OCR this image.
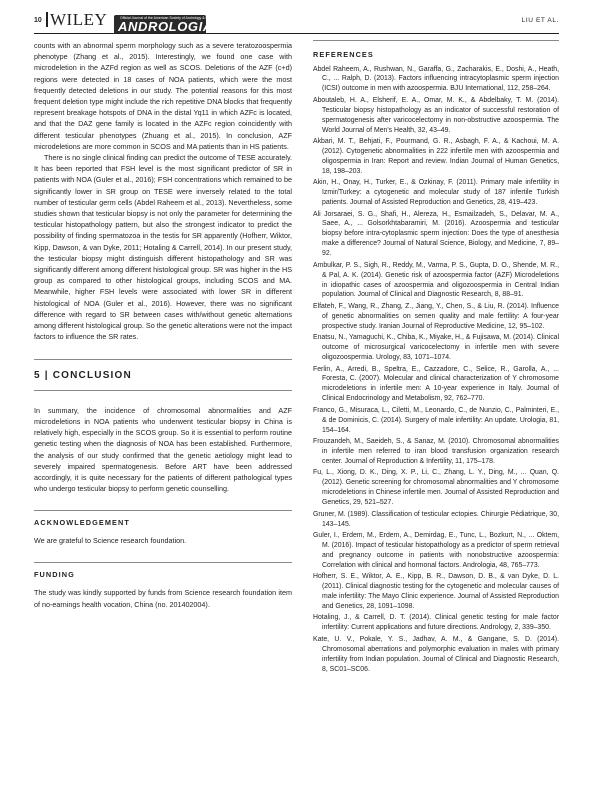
10 WILEY	Official Journal of the American Society of Andrology & European Academy of Andrology
ANDROLOGIA	LIU ET AL.

counts with an abnormal sperm morphology such as a severe teratozoospermia phenotype (Zhang et al., 2015). Interestingly, we found one case with microdeletion in the AZFd region as well as SCOS. Deletions of the AZF (c+d) regions were detected in 18 cases of NOA patients, which were the most frequently detected deletions in our study. The potential reasons for this most frequent deletion type might include the rich repetitive DNA blocks that frequently represent breakage hotspots of DNA in the distal Yq11 in which AZFc is located, and that the DAZ gene family is located in the AZFc region coincidently with different testicular phenotypes (Zhuang et al., 2015). In conclusion, AZF microdeletions are more common in SCOS and MA patients than in HS patients.

There is no single clinical finding can predict the outcome of TESE accurately. It has been reported that FSH level is the most significant predictor of SR in patients with NOA (Guler et al., 2016); FSH concentrations which remained to be significantly lower in SR group on TESE were inversely related to the total number of testicular germ cells (Abdel Raheem et al., 2013). Nevertheless, some studies shown that testicular biopsy is not only the parameter for determining the testicular histopathology pattern, but also the strongest indicator to predict the possibility of finding spermatozoa in the testis for SR apparently (Hofherr, Wiktor, Kipp, Dawson, & van Dyke, 2011; Hotaling & Carrell, 2014). In our present study, the testicular biopsy might distinguish different histopathology and SR was significantly different among different histological group. SR was higher in the HS group as compared to other histological groups, including SCOS and MA. Meanwhile, higher FSH levels were associated with lower SR in different histological of NOA (Guler et al., 2016). However, there was no significant difference with regard to SR between cases with/without genetic alternations among different histological group. So the genetic alterations were not the impact factors to influence the SR rates.

5 | CONCLUSION

In summary, the incidence of chromosomal abnormalities and AZF microdeletions in NOA patients who underwent testicular biopsy in China is relatively high, especially in the SCOS group. So it is essential to perform routine genetic testing when the diagnosis of NOA has been established. Furthermore, the analysis of our study confirmed that the genetic aetiology might lead to severely impaired spermatogenesis. Before ART have been addressed accordingly, it is quite necessary for the patients of different pathological types who undergo testicular biopsy to perform genetic counselling.

ACKNOWLEDGEMENT

We are grateful to Science research foundation.

FUNDING

The study was kindly supported by funds from Science research foundation item of no-earnings health vocation, China (no. 201402004).

REFERENCES
Abdel Raheem, A., Rushwan, N., Garaffa, G., Zacharakis, E., Doshi, A., Heath, C., ... Ralph, D. (2013). Factors influencing intracytoplasmic sperm injection (ICSI) outcome in men with azoospermia. BJU International, 112, 258–264.
Aboutaleb, H. A., Elsherif, E. A., Omar, M. K., & Abdelbaky, T. M. (2014). Testicular biopsy histopathology as an indicator of successful restoration of spermatogenesis after varicocelectomy in non-obstructive azoospermia. The World Journal of Men's Health, 32, 43–49.
Akbari, M. T., Behjati, F., Pourmand, G. R., Asbagh, F. A., & Kachoui, M. A. (2012). Cytogenetic abnormalities in 222 infertile men with azoospermia and oligospermia in Iran: Report and review. Indian Journal of Human Genetics, 18, 198–203.
Akin, H., Onay, H., Turker, E., & Ozkinay, F. (2011). Primary male infertility in Izmir/Turkey: a cytogenetic and molecular study of 187 infertile Turkish patients. Journal of Assisted Reproduction and Genetics, 28, 419–423.
Ali Jorsaraei, S. G., Shafi, H., Alereza, H., Esmailzadeh, S., Delavar, M. A., Saee, A., ... Golsorkhtabaramiri, M. (2016). Azoospermia and testicular biopsy before intra-cytoplasmic sperm injection: Does the type of anesthesia make a difference? Journal of Natural Science, Biology, and Medicine, 7, 89–92.
Ambulkar, P. S., Sigh, R., Reddy, M., Varma, P. S., Gupta, D. O., Shende, M. R., & Pal, A. K. (2014). Genetic risk of azoospermia factor (AZF) Microdeletions in idiopathic cases of azoospermia and oligozoospermia in Central Indian population. Journal of Clinical and Diagnostic Research, 8, 88–91.
Elfateh, F., Wang, R., Zhang, Z., Jiang, Y., Chen, S., & Liu, R. (2014). Influence of genetic abnormalities on semen quality and male fertility: A four-year prospective study. Iranian Journal of Reproductive Medicine, 12, 95–102.
Enatsu, N., Yamaguchi, K., Chiba, K., Miyake, H., & Fujisawa, M. (2014). Clinical outcome of microsurgical varicocelectomy in infertile men with severe oligozoospermia. Urology, 83, 1071–1074.
Ferlin, A., Arredi, B., Speltra, E., Cazzadore, C., Selice, R., Garolla, A., ... Foresta, C. (2007). Molecular and clinical characterization of Y chromosome microdeletions in infertile men: A 10-year experience in Italy. Journal of Clinical Endocrinology and Metabolism, 92, 762–770.
Franco, G., Misuraca, L., Ciletti, M., Leonardo, C., de Nunzio, C., Palminteri, E., & de Dominicis, C. (2014). Surgery of male infertility: An update. Urologia, 81, 154–164.
Frouzandeh, M., Saeideh, S., & Sanaz, M. (2010). Chromosomal abnormalities in infertile men referred to iran blood transfusion organization research center. Journal of Reproduction & Infertility, 11, 175–178.
Fu, L., Xiong, D. K., Ding, X. P., Li, C., Zhang, L. Y., Ding, M., ... Quan, Q. (2012). Genetic screening for chromosomal abnormalities and Y chromosome microdeletions in Chinese infertile men. Journal of Assisted Reproduction and Genetics, 29, 521–527.
Gruner, M. (1989). Classification of testicular ectopies. Chirurgie Pédiatrique, 30, 143–145.
Guler, I., Erdem, M., Erdem, A., Demirdag, E., Tunc, L., Bozkurt, N., ... Oktem, M. (2016). Impact of testicular histopathology as a predictor of sperm retrieval and pregnancy outcome in patients with nonobstructive azoospermia: Correlation with clinical and hormonal factors. Andrologia, 48, 765–773.
Hofherr, S. E., Wiktor, A. E., Kipp, B. R., Dawson, D. B., & van Dyke, D. L. (2011). Clinical diagnostic testing for the cytogenetic and molecular causes of male infertility: The Mayo Clinic experience. Journal of Assisted Reproduction and Genetics, 28, 1091–1098.
Hotaling, J., & Carrell, D. T. (2014). Clinical genetic testing for male factor infertility: Current applications and future directions. Andrology, 2, 339–350.
Kate, U. V., Pokale, Y. S., Jadhav, A. M., & Gangane, S. D. (2014). Chromosomal aberrations and polymorphic evaluation in males with primary infertility from Indian population. Journal of Clinical and Diagnostic Research, 8, SC01–SC06.
